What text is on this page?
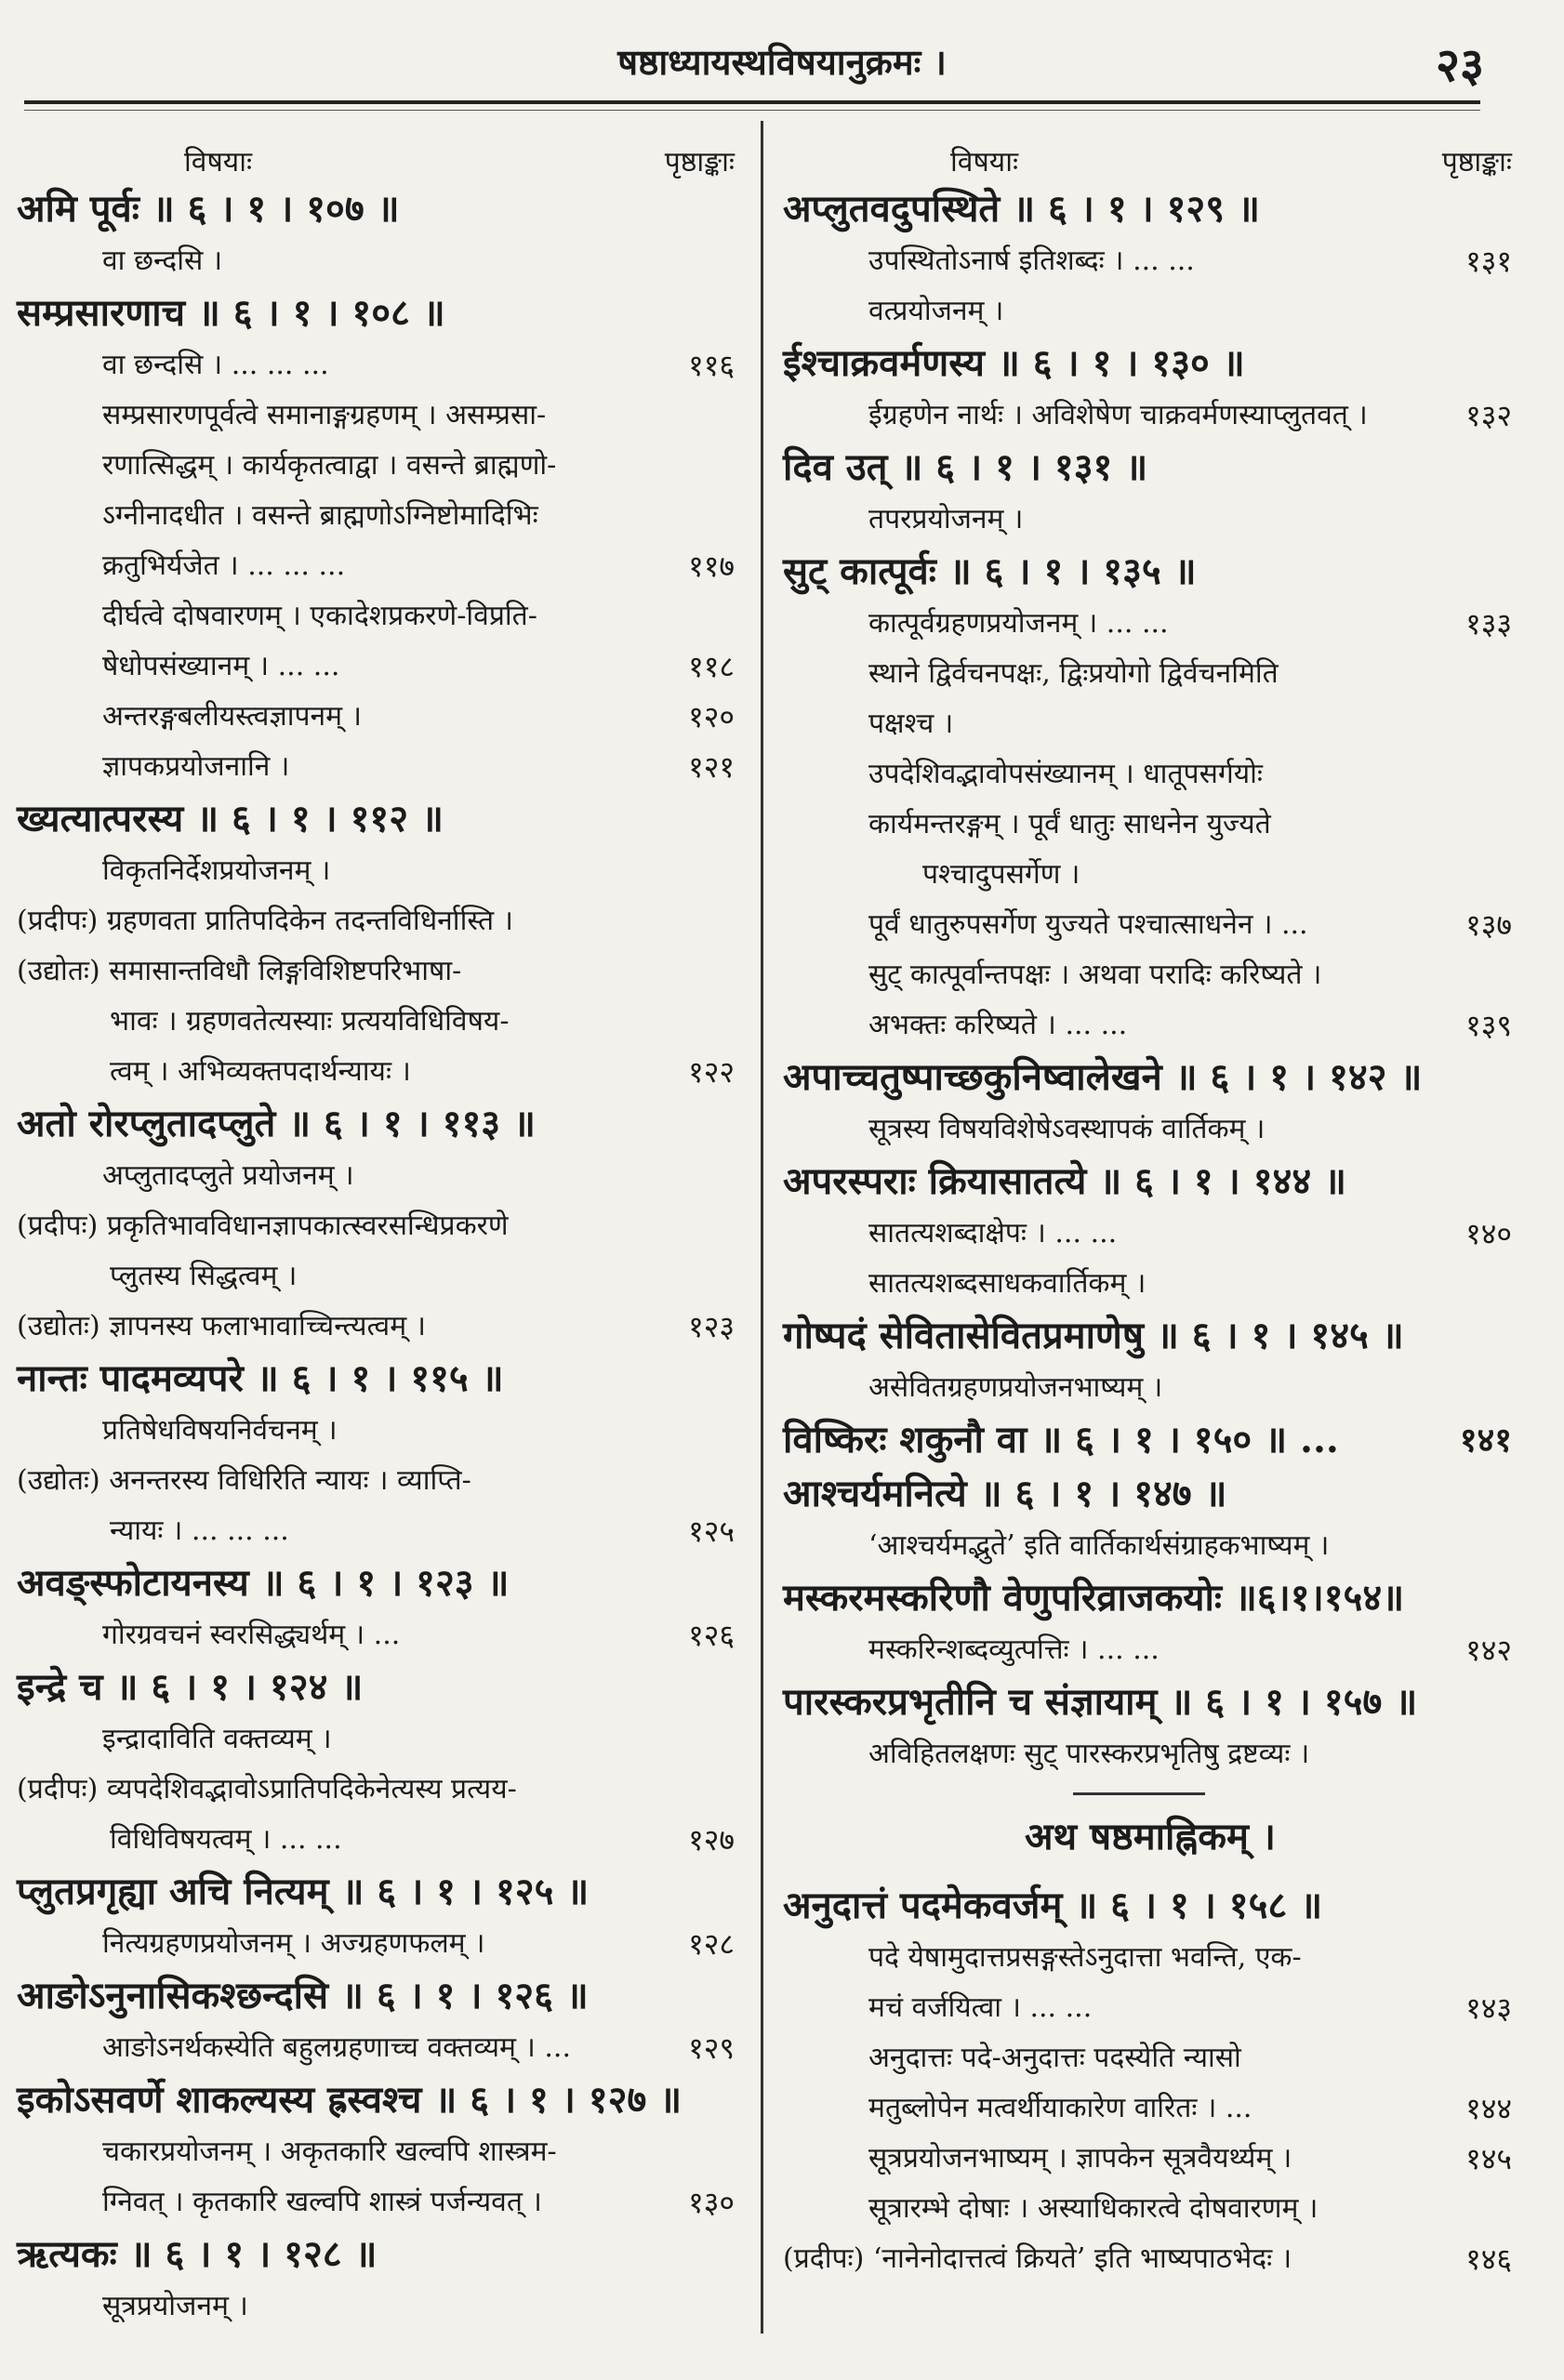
षष्ठाध्यायस्थविषयानुक्रमः ।	२३
विषयाः	पृष्ठाङ्काः
अमि पूर्वः ॥ ६ । १ । १०७ ॥
वा छन्दसि ।
सम्प्रसारणाच ॥ ६ । १ । १०८ ॥
वा छन्दसि । ... ... ...	११६
सम्प्रसारणपूर्वत्वे समानाङ्गग्रहणम् । असम्प्रसा-
रणात्सिद्धम् । कार्यकृतत्वाद्वा । वसन्ते ब्राह्मणो-
ऽग्नीनादधीत । वसन्ते ब्राह्मणोऽग्निष्टोमादिभिः
क्रतुभिर्यजेत । ... ... ...	११७
दीर्घत्वे दोषवारणम् । एकादेशप्रकरणे-विप्रति-
षेधोपसंख्यानम् । ... ...	११८
अन्तरङ्गबलीयस्त्वज्ञापनम् ।	१२०
ज्ञापकप्रयोजनानि ।	१२१
ख्यत्यात्परस्य ॥ ६ । १ । ११२ ॥
विकृतनिर्देशप्रयोजनम् ।
(प्रदीपः) ग्रहणवता प्रातिपदिकेन तदन्तविधिर्नास्ति ।
(उद्योतः) समासान्तविधौ लिङ्गविशिष्टपरिभाषा-
भावः । ग्रहणवतेत्यस्याः प्रत्ययविधिविषय-
त्वम् । अभिव्यक्तपदार्थन्यायः ।	१२२
अतो रोरप्लुतादप्लुते ॥ ६ । १ । ११३ ॥
अप्लुतादप्लुते प्रयोजनम् ।
(प्रदीपः) प्रकृतिभावविधानज्ञापकात्स्वरसन्धिप्रकरणे
प्लुतस्य सिद्धत्वम् ।
(उद्योतः) ज्ञापनस्य फलाभावाच्चिन्त्यत्वम् ।	१२३
नान्तः पादमव्यपरे ॥ ६ । १ । ११५ ॥
प्रतिषेधविषयनिर्वचनम् ।
(उद्योतः) अनन्तरस्य विधिरिति न्यायः । व्याप्ति-
न्यायः । ... ... ...	१२५
अवङ्स्फोटायनस्य ॥ ६ । १ । १२३ ॥
गोरग्रवचनं स्वरसिद्ध्यर्थम् । ...	१२६
इन्द्रे च ॥ ६ । १ । १२४ ॥
इन्द्रादाविति वक्तव्यम् ।
(प्रदीपः) व्यपदेशिवद्भावोऽप्रातिपदिकेनेत्यस्य प्रत्यय-
विधिविषयत्वम् । ... ...	१२७
प्लुतप्रगृह्या अचि नित्यम् ॥ ६ । १ । १२५ ॥
नित्यग्रहणप्रयोजनम् । अज्ग्रहणफलम् ।	१२८
आङोऽनुनासिकश्छन्दसि ॥ ६ । १ । १२६ ॥
आङोऽनर्थकस्येति बहुलग्रहणाच्च वक्तव्यम् । ...	१२९
इकोऽसवर्णे शाकल्यस्य ह्रस्वश्च ॥ ६ । १ । १२७ ॥
चकारप्रयोजनम् । अकृतकारि खल्वपि शास्त्रम-
ग्निवत् । कृतकारि खल्वपि शास्त्रं पर्जन्यवत् ।	१३०
ऋत्यकः ॥ ६ । १ । १२८ ॥
सूत्रप्रयोजनम् ।
विषयाः	पृष्ठाङ्काः
अप्लुतवदुपस्थिते ॥ ६ । १ । १२९ ॥
उपस्थितोऽनार्ष इतिशब्दः । ... ...	१३१
वत्प्रयोजनम् ।
ईश्चाक्रवर्मणस्य ॥ ६ । १ । १३० ॥
ईग्रहणेन नार्थः । अविशेषेण चाक्रवर्मणस्याप्लुतवत् ।	१३२
दिव उत् ॥ ६ । १ । १३१ ॥
तपरप्रयोजनम् ।
सुट् कात्पूर्वः ॥ ६ । १ । १३५ ॥
कात्पूर्वग्रहणप्रयोजनम् । ... ...	१३३
स्थाने द्विर्वचनपक्षः, द्विःप्रयोगो द्विर्वचनमिति
पक्षश्च ।
उपदेशिवद्भावोपसंख्यानम् । धातूपसर्गयोः
कार्यमन्तरङ्गम् । पूर्वं धातुः साधनेन युज्यते
पश्चादुपसर्गेण ।
पूर्वं धातुरुपसर्गेण युज्यते पश्चात्साधनेन । ...	१३७
सुट् कात्पूर्वान्तपक्षः । अथवा परादिः करिष्यते ।
अभक्तः करिष्यते । ... ...	१३९
अपाच्चतुष्पाच्छकुनिष्वालेखने ॥ ६ । १ । १४२ ॥
सूत्रस्य विषयविशेषेऽवस्थापकं वार्तिकम् ।
अपरस्पराः क्रियासातत्ये ॥ ६ । १ । १४४ ॥
सातत्यशब्दाक्षेपः । ... ...	१४०
सातत्यशब्दसाधकवार्तिकम् ।
गोष्पदं सेवितासेवितप्रमाणेषु ॥ ६ । १ । १४५ ॥
असेवितग्रहणप्रयोजनभाष्यम् ।
विष्किरः शकुनौ वा ॥ ६ । १ । १५० ॥ ...	१४१
आश्चर्यमनित्ये ॥ ६ । १ । १४७ ॥
‘आश्चर्यमद्भुते’ इति वार्तिकार्थसंग्राहकभाष्यम् ।
मस्करमस्करिणौ वेणुपरिव्राजकयोः ॥६।१।१५४॥
मस्करिन्शब्दव्युत्पत्तिः । ... ...	१४२
पारस्करप्रभृतीनि च संज्ञायाम् ॥ ६ । १ । १५७ ॥
अविहितलक्षणः सुट् पारस्करप्रभृतिषु द्रष्टव्यः ।
अथ षष्ठमाह्निकम् ।
अनुदात्तं पदमेकवर्जम् ॥ ६ । १ । १५८ ॥
पदे येषामुदात्तप्रसङ्गस्तेऽनुदात्ता भवन्ति, एक-
मचं वर्जयित्वा । ... ...	१४३
अनुदात्तः पदे-अनुदात्तः पदस्येति न्यासो
मतुब्लोपेन मत्वर्थीयाकारेण वारितः । ...	१४४
सूत्रप्रयोजनभाष्यम् । ज्ञापकेन सूत्रवैयर्थ्यम् ।	१४५
सूत्रारम्भे दोषाः । अस्याधिकारत्वे दोषवारणम् ।
(प्रदीपः) ‘नानेनोदात्तत्वं क्रियते’ इति भाष्यपाठभेदः ।	१४६
